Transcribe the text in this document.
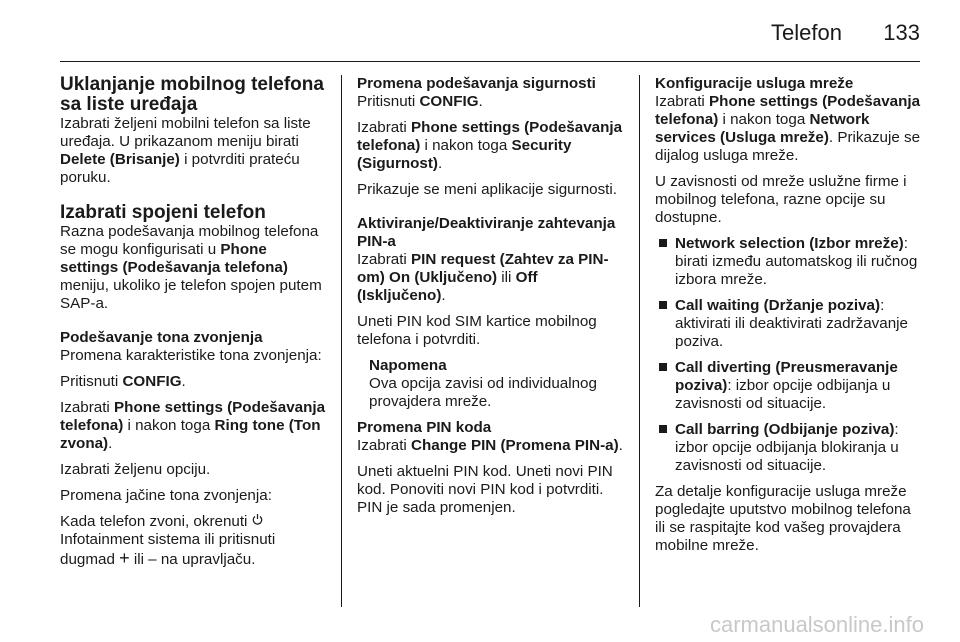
Telefon 133
Uklanjanje mobilnog telefona sa liste uređaja

Izabrati željeni mobilni telefon sa liste uređaja. U prikazanom meniju birati Delete (Brisanje) i potvrditi prateću poruku.

Izabrati spojeni telefon

Razna podešavanja mobilnog telefona se mogu konfigurisati u Phone settings (Podešavanja telefona) meniju, ukoliko je telefon spojen putem SAP-a.

Podešavanje tona zvonjenja

Promena karakteristike tona zvonjenja:

Pritisnuti CONFIG.

Izabrati Phone settings (Podešavanja telefona) i nakon toga Ring tone (Ton zvona).

Izabrati željenu opciju.

Promena jačine tona zvonjenja:

Kada telefon zvoni, okrenuti  Infotainment sistema ili pritisnuti dugmad + ili – na upravljaču.

Promena podešavanja sigurnosti

Pritisnuti CONFIG.

Izabrati Phone settings (Podešavanja telefona) i nakon toga Security (Sigurnost).

Prikazuje se meni aplikacije sigurnosti.

Aktiviranje/Deaktiviranje zahtevanja PIN-a

Izabrati PIN request (Zahtev za PIN-om) On (Uključeno) ili Off (Isključeno).

Uneti PIN kod SIM kartice mobilnog telefona i potvrditi.

Napomena
Ova opcija zavisi od individualnog provajdera mreže.
Promena PIN koda

Izabrati Change PIN (Promena PIN-a).

Uneti aktuelni PIN kod. Uneti novi PIN kod. Ponoviti novi PIN kod i potvrditi. PIN je sada promenjen.

Konfiguracije usluga mreže

Izabrati Phone settings (Podešavanja telefona) i nakon toga Network services (Usluga mreže). Prikazuje se dijalog usluga mreže.

U zavisnosti od mreže uslužne firme i mobilnog telefona, razne opcije su dostupne.

Network selection (Izbor mreže): birati između automatskog ili ručnog izbora mreže.
Call waiting (Držanje poziva): aktivirati ili deaktivirati zadržavanje poziva.
Call diverting (Preusmeravanje poziva): izbor opcije odbijanja u zavisnosti od situacije.
Call barring (Odbijanje poziva): izbor opcije odbijanja blokiranja u zavisnosti od situacije.

Za detalje konfiguracije usluga mreže pogledajte uputstvo mobilnog telefona ili se raspitajte kod vašeg provajdera mobilne mreže.

carmanualsonline.info
